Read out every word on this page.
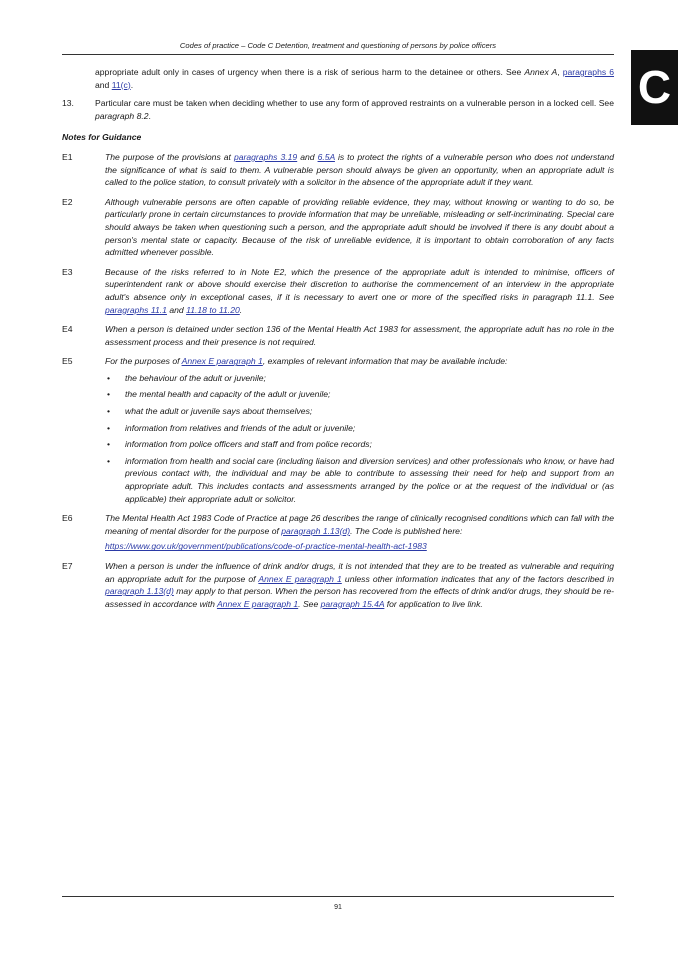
Codes of practice – Code C Detention, treatment and questioning of persons by police officers
C
appropriate adult only in cases of urgency when there is a risk of serious harm to the detainee or others. See Annex A, paragraphs 6 and 11(c).
13.	Particular care must be taken when deciding whether to use any form of approved restraints on a vulnerable person in a locked cell. See paragraph 8.2.
Notes for Guidance
E1	The purpose of the provisions at paragraphs 3.19 and 6.5A is to protect the rights of a vulnerable person who does not understand the significance of what is said to them. A vulnerable person should always be given an opportunity, when an appropriate adult is called to the police station, to consult privately with a solicitor in the absence of the appropriate adult if they want.
E2	Although vulnerable persons are often capable of providing reliable evidence, they may, without knowing or wanting to do so, be particularly prone in certain circumstances to provide information that may be unreliable, misleading or self-incriminating. Special care should always be taken when questioning such a person, and the appropriate adult should be involved if there is any doubt about a person's mental state or capacity. Because of the risk of unreliable evidence, it is important to obtain corroboration of any facts admitted whenever possible.
E3	Because of the risks referred to in Note E2, which the presence of the appropriate adult is intended to minimise, officers of superintendent rank or above should exercise their discretion to authorise the commencement of an interview in the appropriate adult's absence only in exceptional cases, if it is necessary to avert one or more of the specified risks in paragraph 11.1. See paragraphs 11.1 and 11.18 to 11.20.
E4	When a person is detained under section 136 of the Mental Health Act 1983 for assessment, the appropriate adult has no role in the assessment process and their presence is not required.
E5	For the purposes of Annex E paragraph 1, examples of relevant information that may be available include:
• the behaviour of the adult or juvenile;
• the mental health and capacity of the adult or juvenile;
• what the adult or juvenile says about themselves;
• information from relatives and friends of the adult or juvenile;
• information from police officers and staff and from police records;
• information from health and social care (including liaison and diversion services) and other professionals who know, or have had previous contact with, the individual and may be able to contribute to assessing their need for help and support from an appropriate adult. This includes contacts and assessments arranged by the police or at the request of the individual or (as applicable) their appropriate adult or solicitor.
E6	The Mental Health Act 1983 Code of Practice at page 26 describes the range of clinically recognised conditions which can fall with the meaning of mental disorder for the purpose of paragraph 1.13(d). The Code is published here:
https://www.gov.uk/government/publications/code-of-practice-mental-health-act-1983
E7	When a person is under the influence of drink and/or drugs, it is not intended that they are to be treated as vulnerable and requiring an appropriate adult for the purpose of Annex E paragraph 1 unless other information indicates that any of the factors described in paragraph 1.13(d) may apply to that person. When the person has recovered from the effects of drink and/or drugs, they should be re-assessed in accordance with Annex E paragraph 1. See paragraph 15.4A for application to live link.
91
